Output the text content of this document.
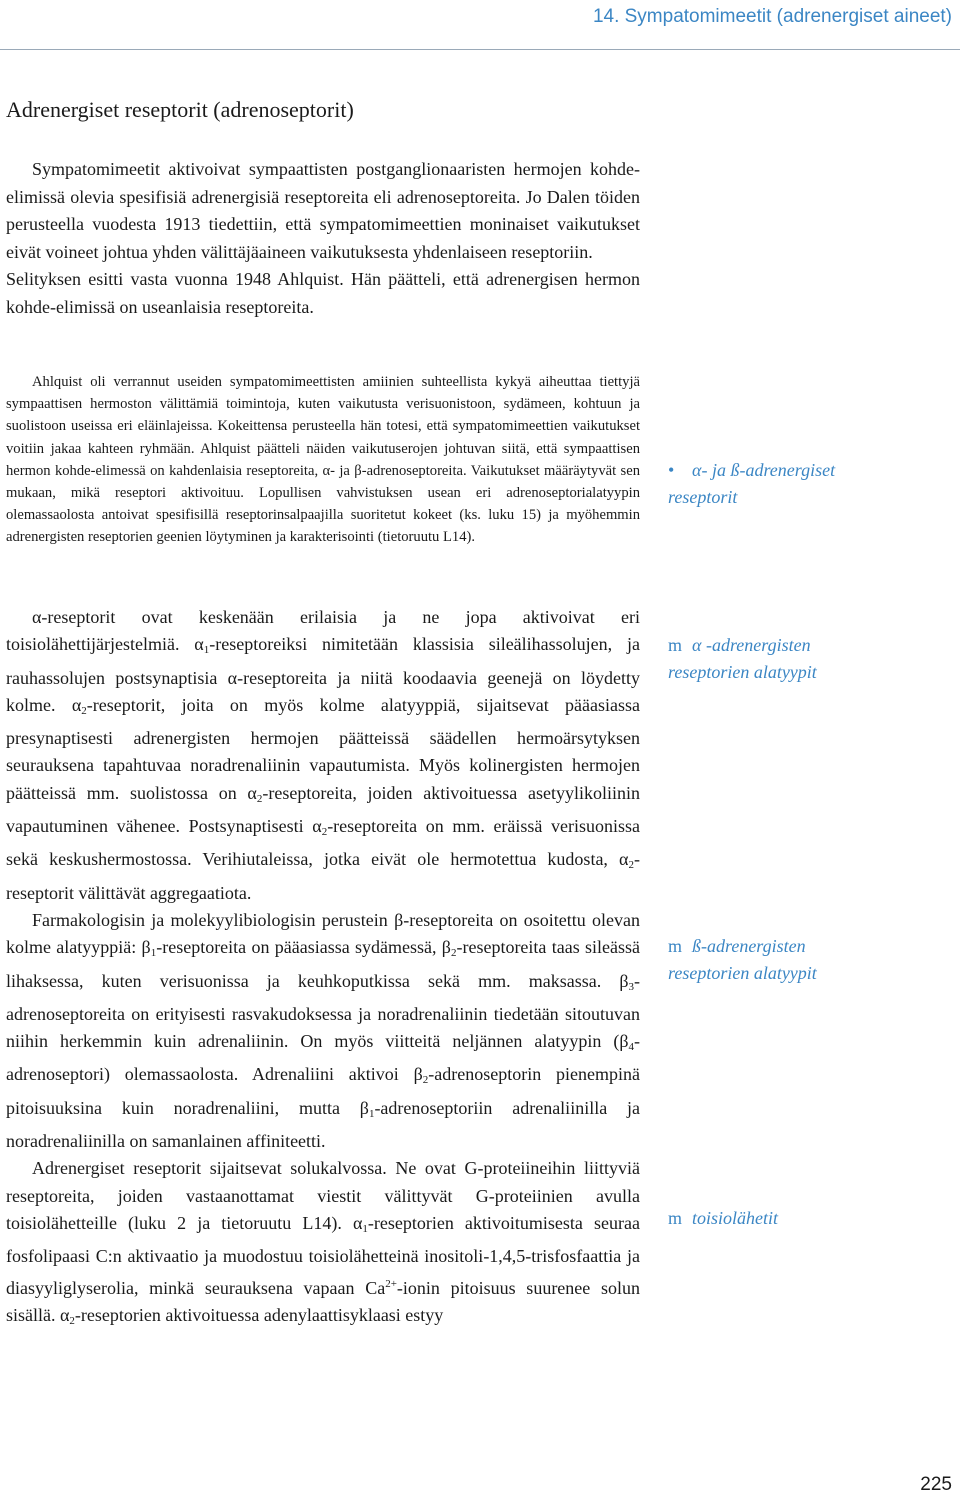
14. Sympatomimeetit (adrenergiset aineet)
Adrenergiset reseptorit (adrenoseptorit)

Sympatomimeetit aktivoivat sympaattisten postganglionaaristen hermojen kohde-elimissä olevia spesifisiä adrenergisiä reseptoreita eli adrenoseptoreita. Jo Dalen töiden perusteella vuodesta 1913 tiedettiin, että sympatomimeettien moninaiset vaikutukset eivät voineet johtua yhden välittäjäaineen vaikutuksesta yhdenlaiseen reseptoriin.

Selityksen esitti vasta vuonna 1948 Ahlquist. Hän päätteli, että adrenergisen hermon kohde-elimissä on useanlaisia reseptoreita.

Ahlquist oli verrannut useiden sympatomimeettisten amiinien suhteellista kykyä aiheuttaa tiettyjä sympaattisen hermoston välittämiä toimintoja, kuten vaikutusta verisuonistoon, sydämeen, kohtuun ja suolistoon useissa eri eläinlajeissa. Kokeittensa perusteella hän totesi, että sympatomimeettien vaikutukset voitiin jakaa kahteen ryhmään. Ahlquist päätteli näiden vaikutuserojen johtuvan siitä, että sympaattisen hermon kohde-elimessä on kahdenlaisia reseptoreita, α- ja β-adrenoseptoreita. Vaikutukset määräytyvät sen mukaan, mikä reseptori aktivoituu. Lopullisen vahvistuksen usean eri adrenoseptorialatyypin olemassaolosta antoivat spesifisillä reseptorinsalpaajilla suoritetut kokeet (ks. luku 15) ja myöhemmin adrenergisten reseptorien geenien löytyminen ja karakterisointi (tietoruutu L14).

α-reseptorit ovat keskenään erilaisia ja ne jopa aktivoivat eri toisiolähettijärjestelmiä. $\alpha_1$-reseptoreiksi nimitetään klassisia sileälihassolujen, ja rauhassolujen postsynaptisia α-reseptoreita ja niitä koodaavia geenejä on löydetty kolme. $\alpha_2$-reseptorit, joita on myös kolme alatyyppiä, sijaitsevat pääasiassa presynaptisesti adrenergisten hermojen päätteissä säädellen hermoärsytyksen seurauksena tapahtuvaa noradrenaliinin vapautumista. Myös kolinergisten hermojen päätteissä mm. suolistossa on $\alpha_2$-reseptoreita, joiden aktivoituessa asetyylikoliinin vapautuminen vähenee. Postsynaptisesti $\alpha_2$-reseptoreita on mm. eräissä verisuonissa sekä keskushermostossa. Verihiutaleissa, jotka eivät ole hermotettua kudosta, $\alpha_2$-reseptorit välittävät aggregaatiota.

Farmakologisin ja molekyylibiologisin perustein β-reseptoreita on osoitettu olevan kolme alatyyppiä: $\beta_1$-reseptoreita on pääasiassa sydämessä, $\beta_2$-reseptoreita taas sileässä lihaksessa, kuten verisuonissa ja keuhkoputkissa sekä mm. maksassa. $\beta_3$-adrenoseptoreita on erityisesti rasvakudoksessa ja noradrenaliinin tiedetään sitoutuvan niihin herkemmin kuin adrenaliinin. On myös viitteitä neljännen alatyypin $(\beta_4-adrenoseptori)$ olemassaolosta. Adrenaliini aktivoi $\beta_2$-adrenoseptorin pienempinä pitoisuuksina kuin noradrenaliini, mutta $\beta_1$-adrenoseptoriin adrenaliinilla ja noradrenaliinilla on samanlainen affiniteetti.

Adrenergiset reseptorit sijaitsevat solukalvossa. Ne ovat G-proteiineihin liittyviä reseptoreita, joiden vastaanottamat viestit välittyvät G-proteiinien avulla toisiolähetteille (luku 2 ja tietoruutu L14). $\alpha_1$-reseptorien aktivoitumisesta seuraa fosfolipaasi C:n aktivaatio ja muodostuu toisiolähetteinä inositoli-1,4,5-trisfosfaattia ja diasyyliglyserolia, minkä seurauksena vapaan $Ca^{2+}$-ionin pitoisuus suurenee solun sisällä. $\alpha_2$-reseptorien aktivoituessa adenylaattisyklaasi estyy

• α- ja ß-adrenergiset
reseptorit
m α -adrenergisten
reseptorien alatyypit
m ß-adrenergisten
reseptorien alatyypit
m toisiolähetit
225
